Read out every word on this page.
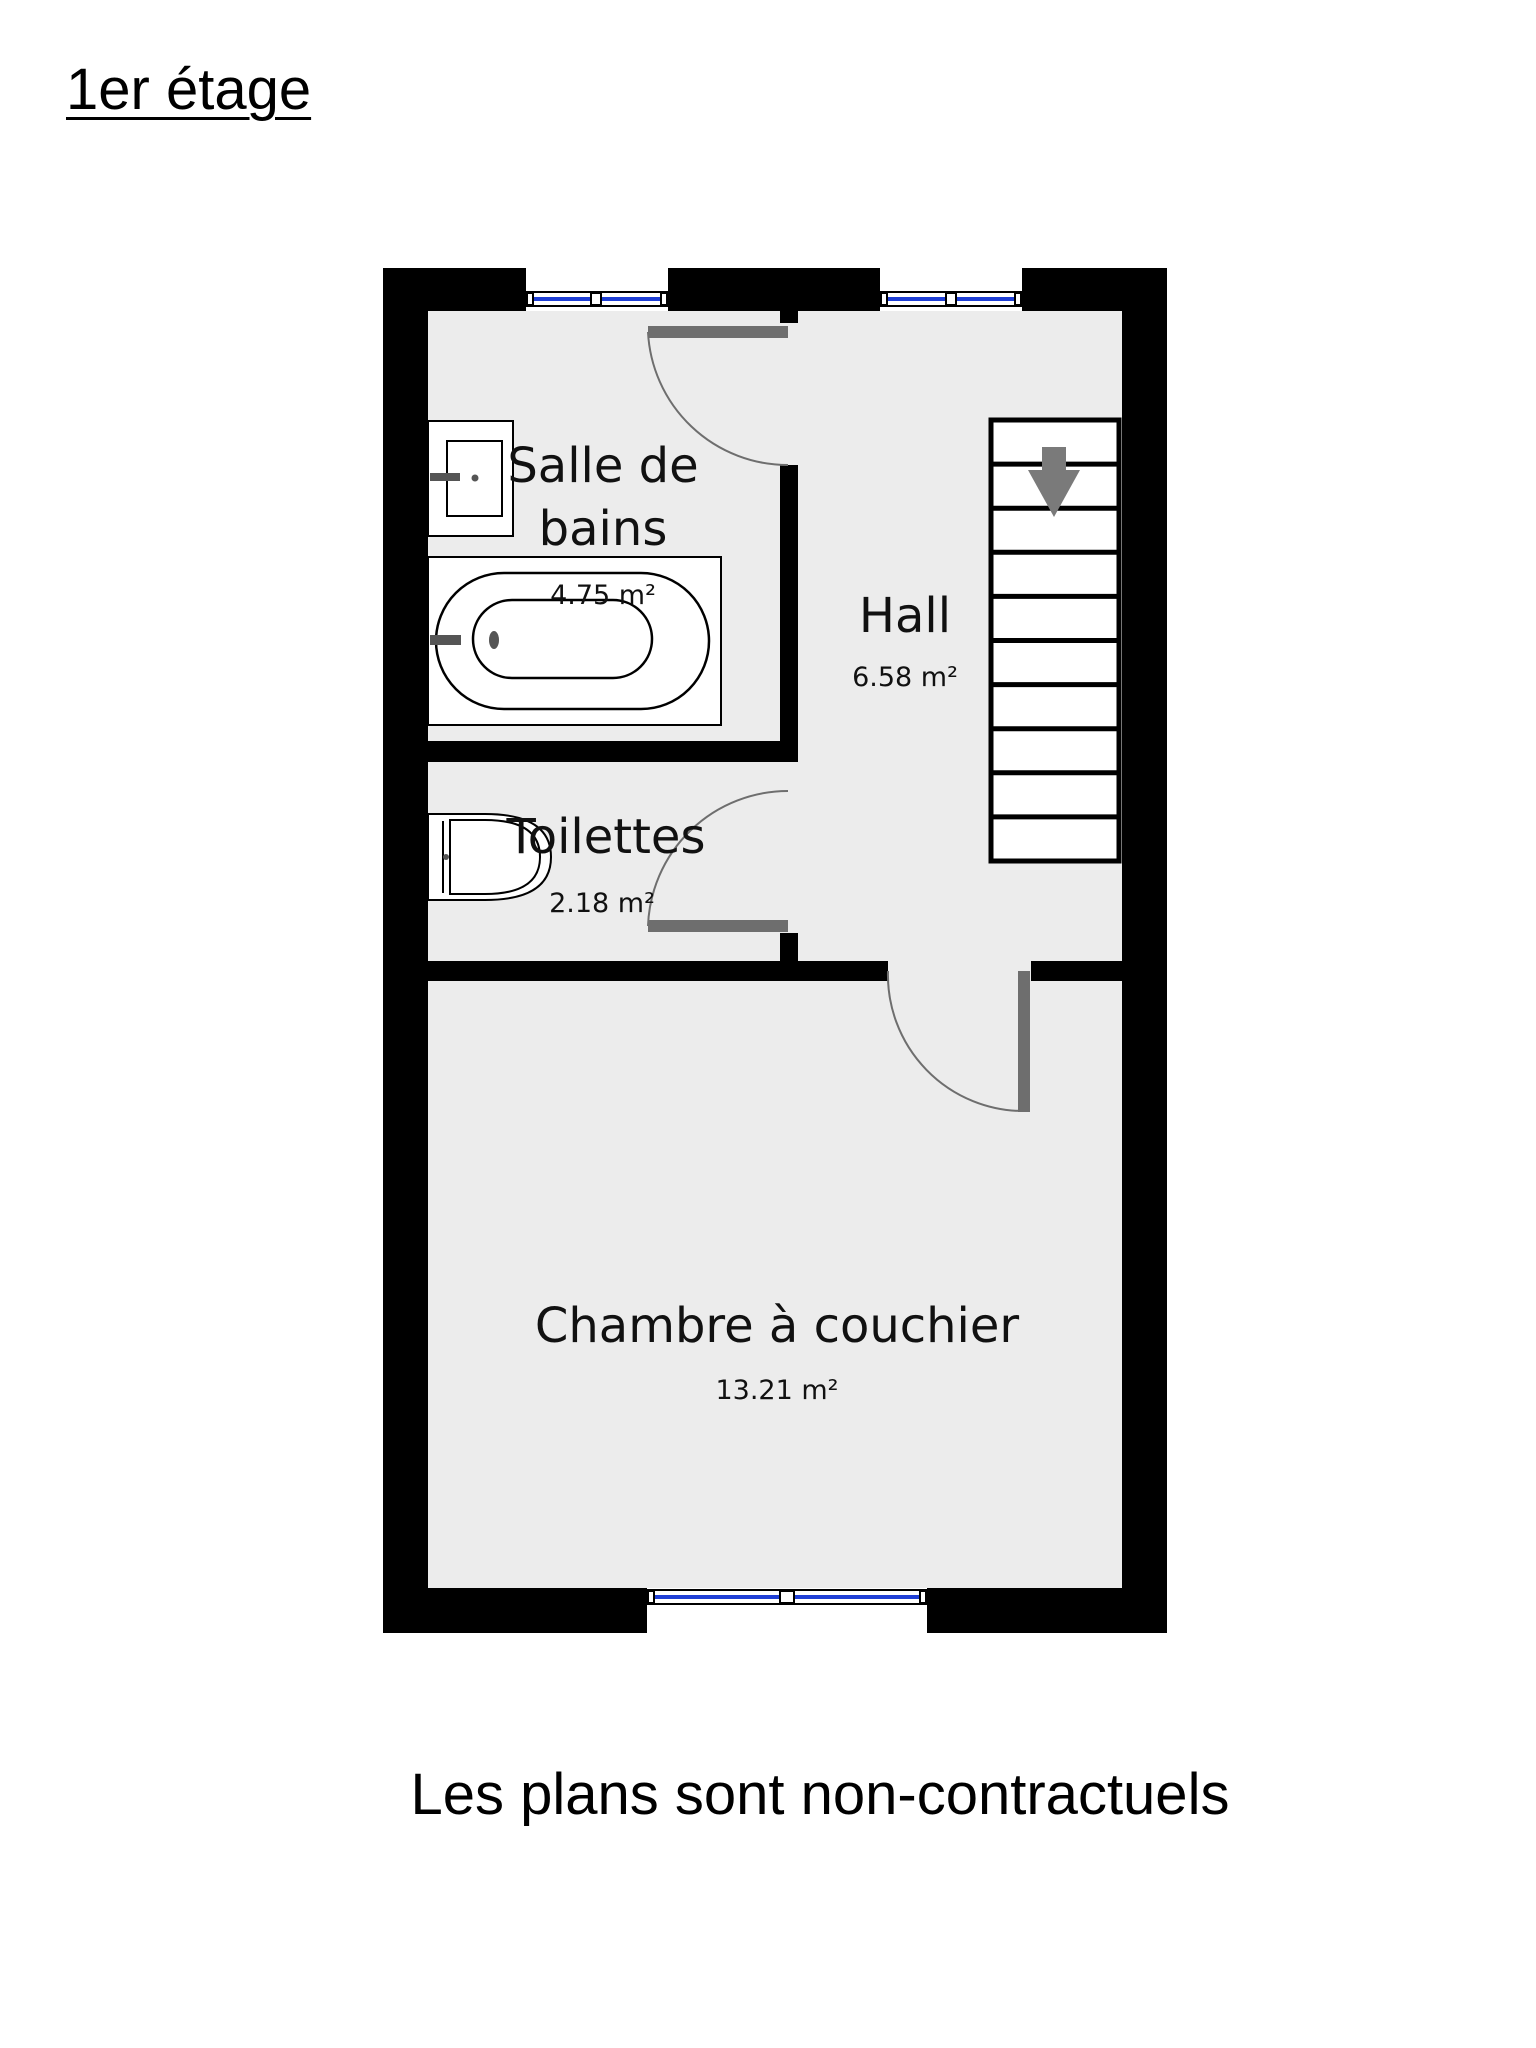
1er étage
Salle de
bains
4.75 m²	Hall
6.58 m²
Toilettes
2.18 m²
Chambre à couchier
13.21 m²
Les plans sont non-contractuels
